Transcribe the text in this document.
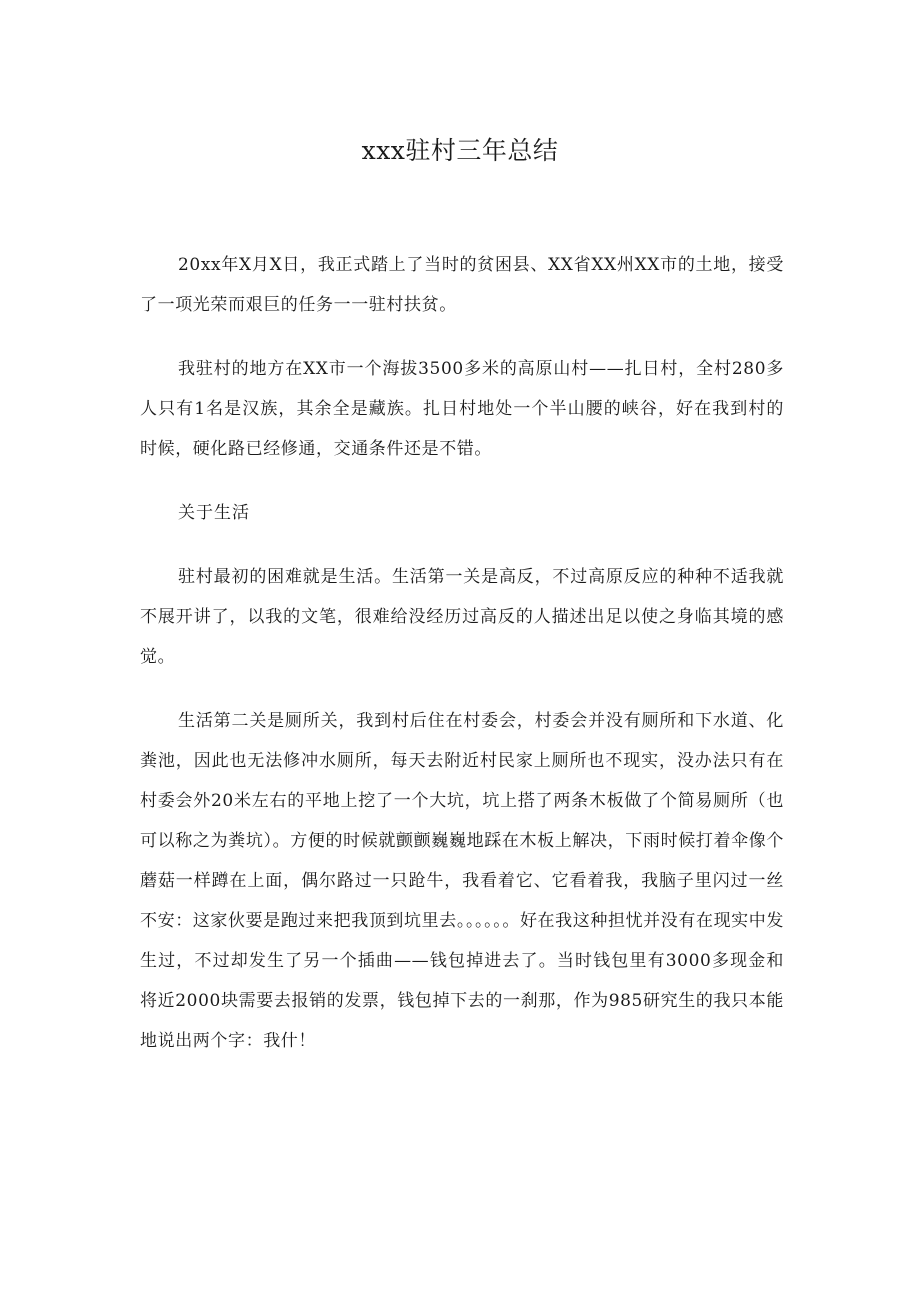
xxx驻村三年总结

20xx年X月X日，我正式踏上了当时的贫困县、XX省XX州XX市的土地，接受了一项光荣而艰巨的任务一一驻村扶贫。

我驻村的地方在XX市一个海拔3500多米的高原山村——扎日村，全村280多人只有1名是汉族，其余全是藏族。扎日村地处一个半山腰的峡谷，好在我到村的时候，硬化路已经修通，交通条件还是不错。

关于生活

驻村最初的困难就是生活。生活第一关是高反，不过高原反应的种种不适我就不展开讲了，以我的文笔，很难给没经历过高反的人描述出足以使之身临其境的感觉。

生活第二关是厕所关，我到村后住在村委会，村委会并没有厕所和下水道、化粪池，因此也无法修冲水厕所，每天去附近村民家上厕所也不现实，没办法只有在村委会外20米左右的平地上挖了一个大坑，坑上搭了两条木板做了个简易厕所（也可以称之为粪坑）。方便的时候就颤颤巍巍地踩在木板上解决，下雨时候打着伞像个蘑菇一样蹲在上面，偶尔路过一只跄牛，我看着它、它看着我，我脑子里闪过一丝不安：这家伙要是跑过来把我顶到坑里去。。。。。。好在我这种担忧并没有在现实中发生过，不过却发生了另一个插曲——钱包掉进去了。当时钱包里有3000多现金和将近2000块需要去报销的发票，钱包掉下去的一刹那，作为985研究生的我只本能地说出两个字：我什！
